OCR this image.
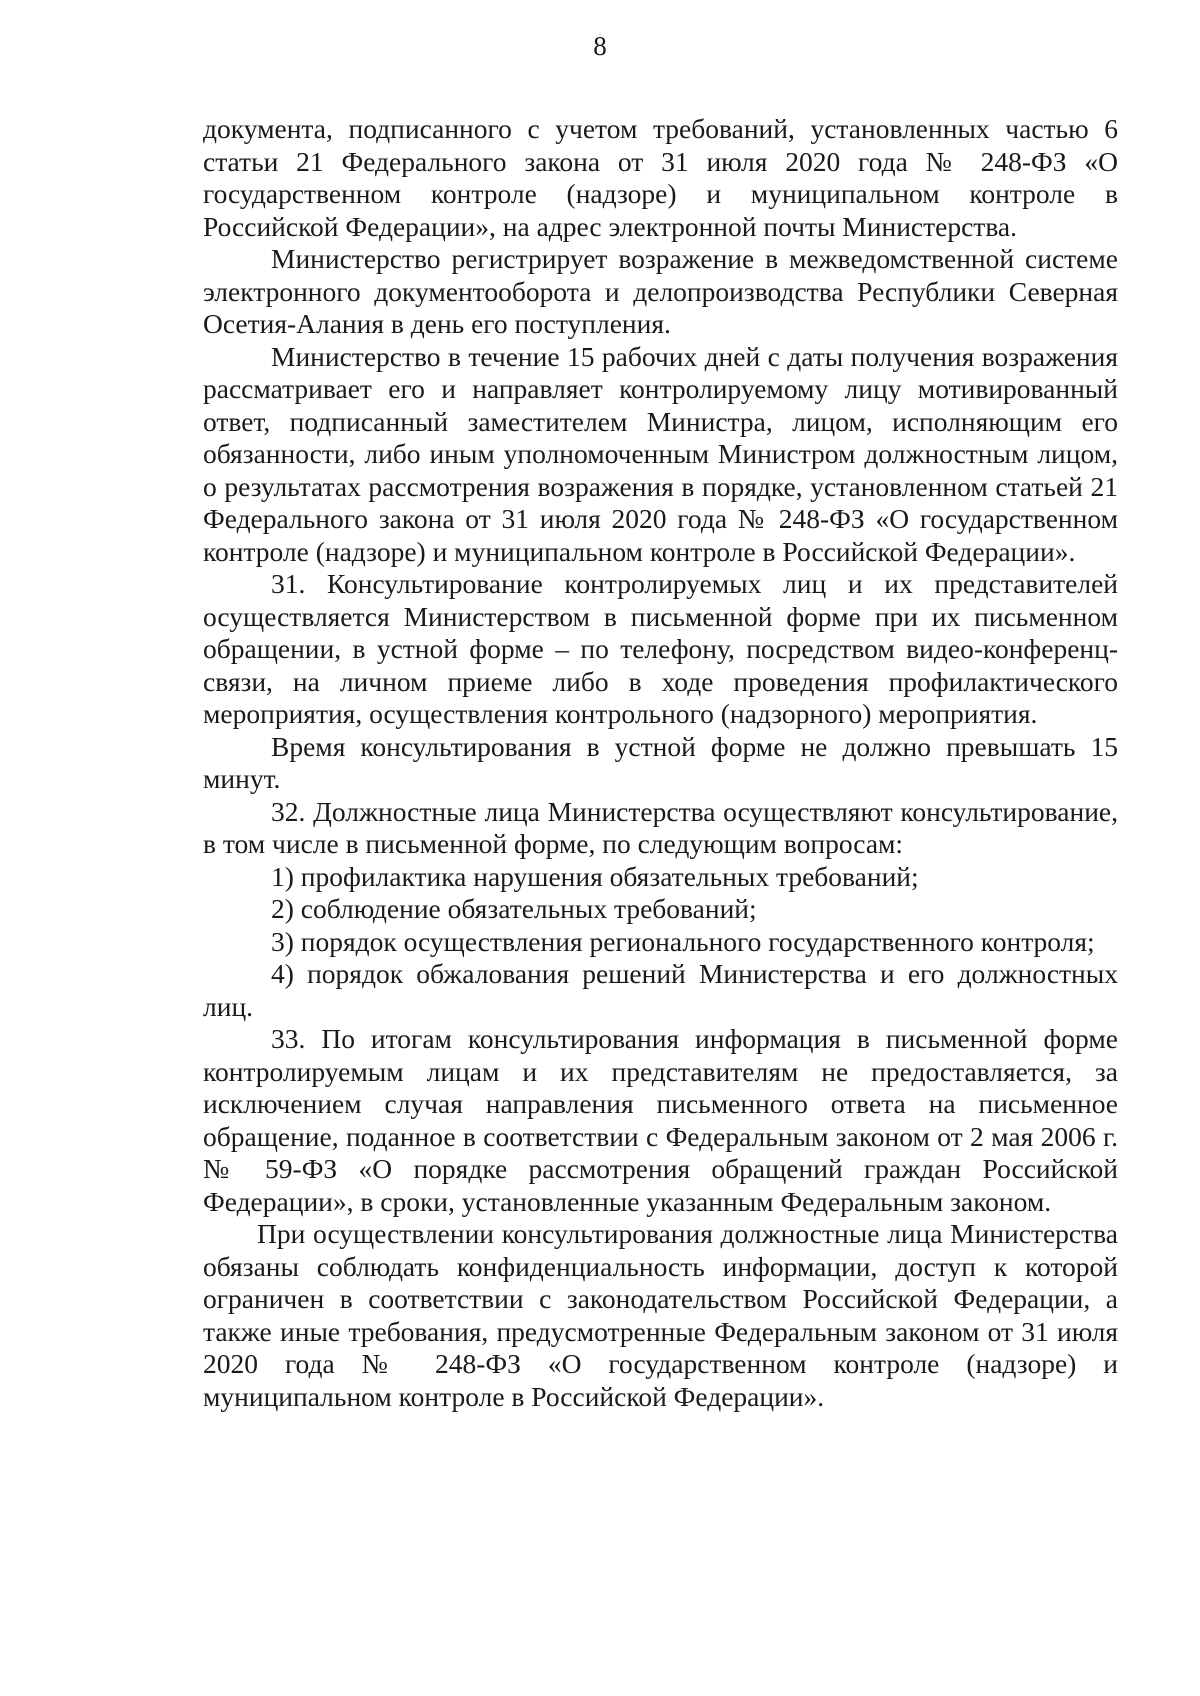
8

документа, подписанного с учетом требований, установленных частью 6 статьи 21 Федерального закона от 31 июля 2020 года № 248-ФЗ «О государственном контроле (надзоре) и муниципальном контроле в Российской Федерации», на адрес электронной почты Министерства.

Министерство регистрирует возражение в межведомственной системе электронного документооборота и делопроизводства Республики Северная Осетия-Алания в день его поступления.

Министерство в течение 15 рабочих дней с даты получения возражения рассматривает его и направляет контролируемому лицу мотивированный ответ, подписанный заместителем Министра, лицом, исполняющим его обязанности, либо иным уполномоченным Министром должностным лицом, о результатах рассмотрения возражения в порядке, установленном статьей 21 Федерального закона от 31 июля 2020 года № 248-ФЗ «О государственном контроле (надзоре) и муниципальном контроле в Российской Федерации».

31. Консультирование контролируемых лиц и их представителей осуществляется Министерством в письменной форме при их письменном обращении, в устной форме – по телефону, посредством видео-конференц-связи, на личном приеме либо в ходе проведения профилактического мероприятия, осуществления контрольного (надзорного) мероприятия.

Время консультирования в устной форме не должно превышать 15 минут.

32. Должностные лица Министерства осуществляют консультирование, в том числе в письменной форме, по следующим вопросам:

1) профилактика нарушения обязательных требований;

2) соблюдение обязательных требований;

3) порядок осуществления регионального государственного контроля;

4) порядок обжалования решений Министерства и его должностных лиц.

33. По итогам консультирования информация в письменной форме контролируемым лицам и их представителям не предоставляется, за исключением случая направления письменного ответа на письменное обращение, поданное в соответствии с Федеральным законом от 2 мая 2006 г. № 59-ФЗ «О порядке рассмотрения обращений граждан Российской Федерации», в сроки, установленные указанным Федеральным законом.

При осуществлении консультирования должностные лица Министерства обязаны соблюдать конфиденциальность информации, доступ к которой ограничен в соответствии с законодательством Российской Федерации, а также иные требования, предусмотренные Федеральным законом от 31 июля 2020 года № 248-ФЗ «О государственном контроле (надзоре) и муниципальном контроле в Российской Федерации».
